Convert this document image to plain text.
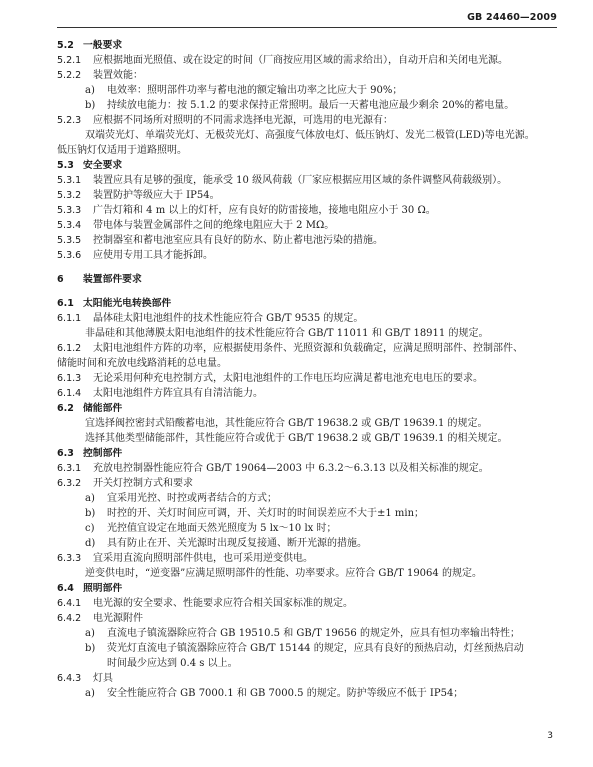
GB 24460—2009
5.2 一般要求
5.2.1 应根据地面光照值、或在设定的时间（厂商按应用区域的需求给出），自动开启和关闭电光源。
5.2.2 装置效能：
a) 电效率：照明部件功率与蓄电池的额定输出功率之比应大于 90%；
b) 持续放电能力：按 5.1.2 的要求保持正常照明。最后一天蓄电池应最少剩余 20%的蓄电量。
5.2.3 应根据不同场所对照明的不同需求选择电光源，可选用的电光源有：
双端荧光灯、单端荧光灯、无极荧光灯、高强度气体放电灯、低压钠灯、发光二极管(LED)等电光源。
低压钠灯仅适用于道路照明。
5.3 安全要求
5.3.1 装置应具有足够的强度，能承受 10 级风荷载（厂家应根据应用区域的条件调整风荷载级别）。
5.3.2 装置防护等级应大于 IP54。
5.3.3 广告灯箱和 4 m 以上的灯杆，应有良好的防雷接地，接地电阻应小于 30 Ω。
5.3.4 带电体与装置金属部件之间的绝缘电阻应大于 2 MΩ。
5.3.5 控制器室和蓄电池室应具有良好的防水、防止蓄电池污染的措施。
5.3.6 应使用专用工具才能拆卸。
6 装置部件要求
6.1 太阳能光电转换部件
6.1.1 晶体硅太阳电池组件的技术性能应符合 GB/T 9535 的规定。
非晶硅和其他薄膜太阳电池组件的技术性能应符合 GB/T 11011 和 GB/T 18911 的规定。
6.1.2 太阳电池组件方阵的功率，应根据使用条件、光照资源和负载确定，应满足照明部件、控制部件、
储能时间和充放电线路消耗的总电量。
6.1.3 无论采用何种充电控制方式，太阳电池组件的工作电压均应满足蓄电池充电电压的要求。
6.1.4 太阳电池组件方阵宜具有自清洁能力。
6.2 储能部件
宜选择阀控密封式铅酸蓄电池，其性能应符合 GB/T 19638.2 或 GB/T 19639.1 的规定。
选择其他类型储能部件，其性能应符合或优于 GB/T 19638.2 或 GB/T 19639.1 的相关规定。
6.3 控制部件
6.3.1 充放电控制器性能应符合 GB/T 19064—2003 中 6.3.2～6.3.13 以及相关标准的规定。
6.3.2 开关灯控制方式和要求
a) 宜采用光控、时控或两者结合的方式；
b) 时控的开、关灯时间应可调，开、关灯时的时间误差应不大于±1 min；
c) 光控值宜设定在地面天然光照度为 5 lx～10 lx 时；
d) 具有防止在开、关光源时出现反复接通、断开光源的措施。
6.3.3 宜采用直流向照明部件供电，也可采用逆变供电。
逆变供电时，“逆变器”应满足照明部件的性能、功率要求。应符合 GB/T 19064 的规定。
6.4 照明部件
6.4.1 电光源的安全要求、性能要求应符合相关国家标准的规定。
6.4.2 电光源附件
a) 直流电子镇流器除应符合 GB 19510.5 和 GB/T 19656 的规定外，应具有恒功率输出特性；
b) 荧光灯直流电子镇流器除应符合 GB/T 15144 的规定，应具有良好的预热启动，灯丝预热启动
时间最少应达到 0.4 s 以上。
6.4.3 灯具
a) 安全性能应符合 GB 7000.1 和 GB 7000.5 的规定。防护等级应不低于 IP54；
3
